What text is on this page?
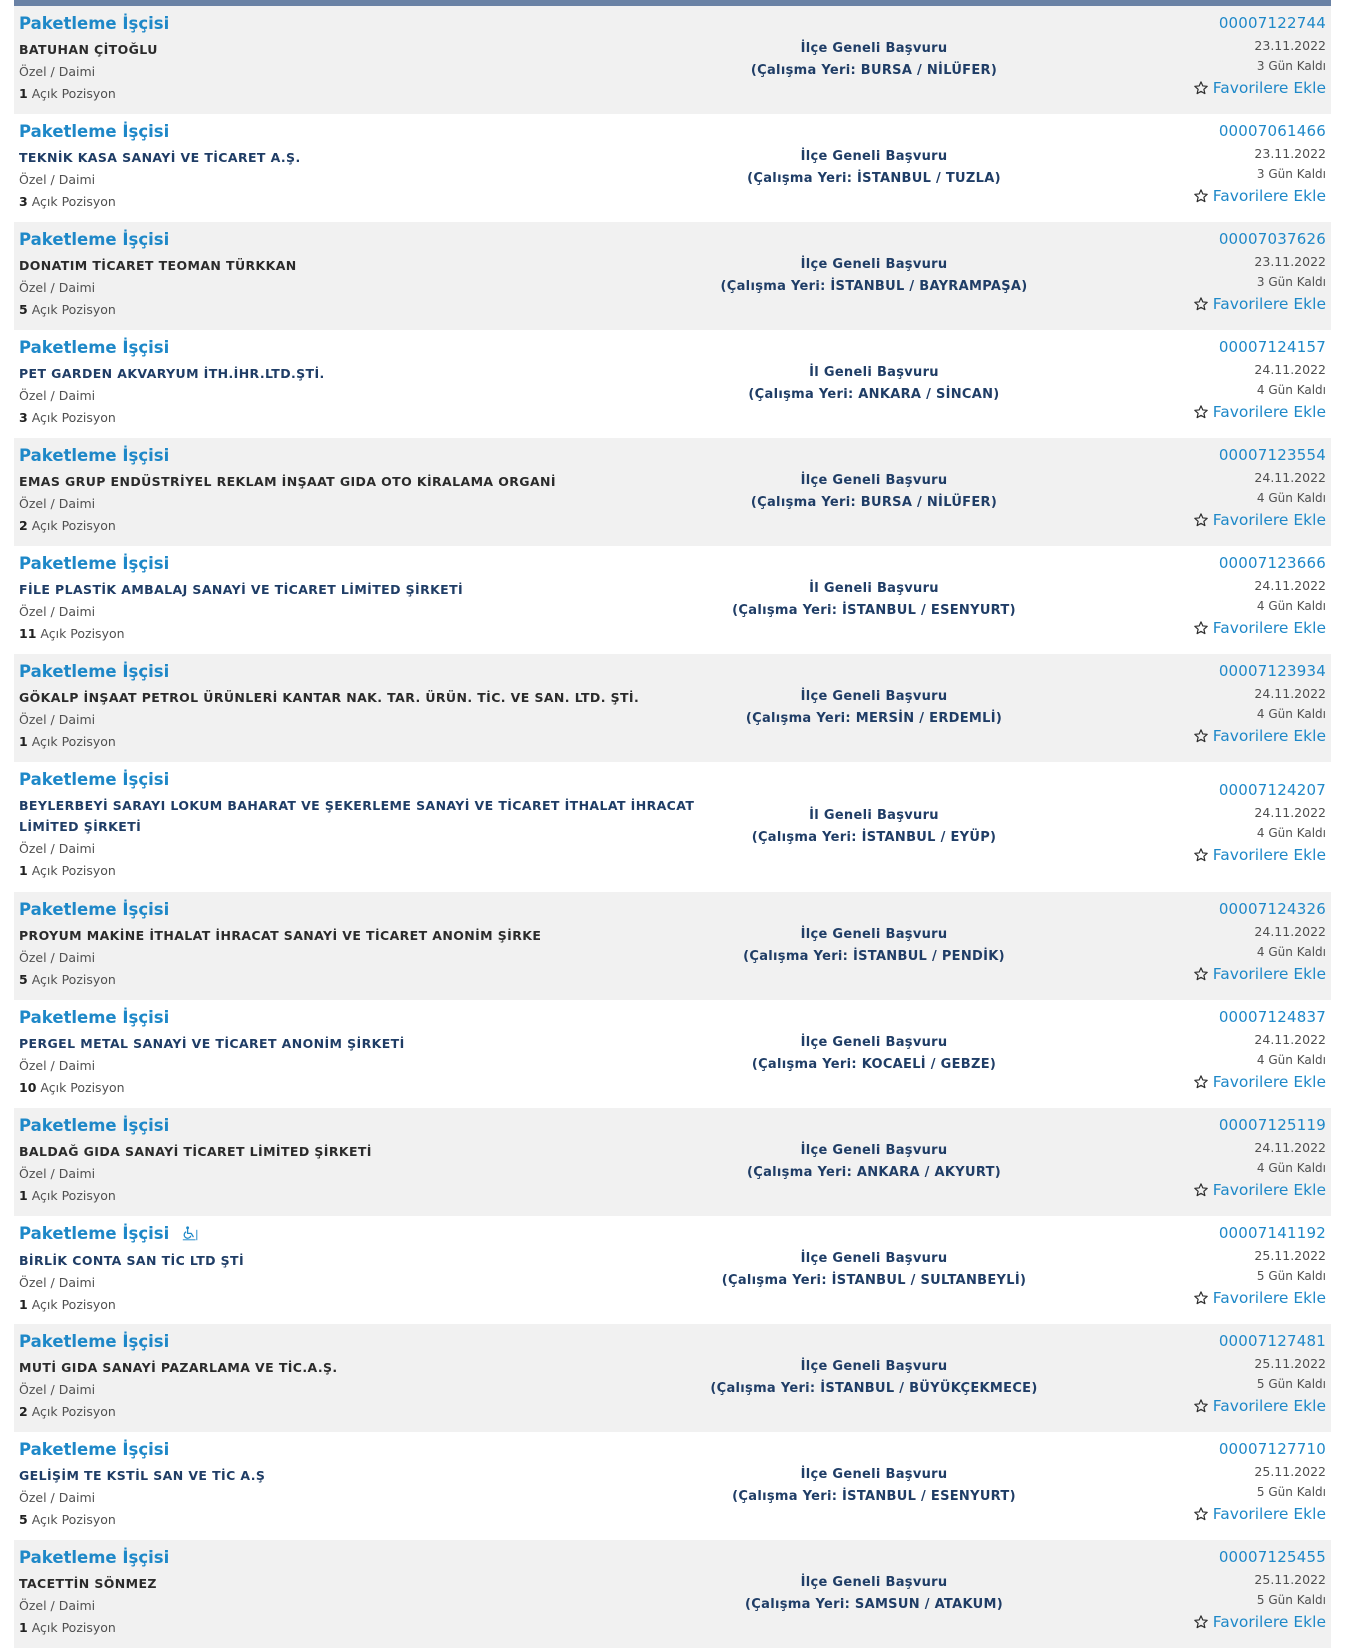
Paketleme İşçisi
BATUHAN ÇİTOĞLU
Özel / Daimi
1 Açık Pozisyon
İlçe Geneli Başvuru
(Çalışma Yeri: BURSA / NİLÜFER)
00007122744
23.11.2022
3 Gün Kaldı
Favorilere Ekle
Paketleme İşçisi
TEKNİK KASA SANAYİ VE TİCARET A.Ş.
Özel / Daimi
3 Açık Pozisyon
İlçe Geneli Başvuru
(Çalışma Yeri: İSTANBUL / TUZLA)
00007061466
23.11.2022
3 Gün Kaldı
Favorilere Ekle
Paketleme İşçisi
DONATIM TİCARET TEOMAN TÜRKKAN
Özel / Daimi
5 Açık Pozisyon
İlçe Geneli Başvuru
(Çalışma Yeri: İSTANBUL / BAYRAMPAŞA)
00007037626
23.11.2022
3 Gün Kaldı
Favorilere Ekle
Paketleme İşçisi
PET GARDEN AKVARYUM İTH.İHR.LTD.ŞTİ.
Özel / Daimi
3 Açık Pozisyon
İl Geneli Başvuru
(Çalışma Yeri: ANKARA / SİNCAN)
00007124157
24.11.2022
4 Gün Kaldı
Favorilere Ekle
Paketleme İşçisi
EMAS GRUP ENDÜSTRİYEL REKLAM İNŞAAT GIDA OTO KİRALAMA ORGANİ
Özel / Daimi
2 Açık Pozisyon
İlçe Geneli Başvuru
(Çalışma Yeri: BURSA / NİLÜFER)
00007123554
24.11.2022
4 Gün Kaldı
Favorilere Ekle
Paketleme İşçisi
FİLE PLASTİK AMBALAJ SANAYİ VE TİCARET LİMİTED ŞİRKETİ
Özel / Daimi
11 Açık Pozisyon
İl Geneli Başvuru
(Çalışma Yeri: İSTANBUL / ESENYURT)
00007123666
24.11.2022
4 Gün Kaldı
Favorilere Ekle
Paketleme İşçisi
GÖKALP İNŞAAT PETROL ÜRÜNLERİ KANTAR NAK. TAR. ÜRÜN. TİC. VE SAN. LTD. ŞTİ.
Özel / Daimi
1 Açık Pozisyon
İlçe Geneli Başvuru
(Çalışma Yeri: MERSİN / ERDEMLİ)
00007123934
24.11.2022
4 Gün Kaldı
Favorilere Ekle
Paketleme İşçisi
BEYLERBEYİ SARAYI LOKUM BAHARAT VE ŞEKERLEME SANAYİ VE TİCARET İTHALAT İHRACAT LİMİTED ŞİRKETİ
Özel / Daimi
1 Açık Pozisyon
İl Geneli Başvuru
(Çalışma Yeri: İSTANBUL / EYÜP)
00007124207
24.11.2022
4 Gün Kaldı
Favorilere Ekle
Paketleme İşçisi
PROYUM MAKİNE İTHALAT İHRACAT SANAYİ VE TİCARET ANONİM ŞİRKE
Özel / Daimi
5 Açık Pozisyon
İlçe Geneli Başvuru
(Çalışma Yeri: İSTANBUL / PENDİK)
00007124326
24.11.2022
4 Gün Kaldı
Favorilere Ekle
Paketleme İşçisi
PERGEL METAL SANAYİ VE TİCARET ANONİM ŞİRKETİ
Özel / Daimi
10 Açık Pozisyon
İlçe Geneli Başvuru
(Çalışma Yeri: KOCAELİ / GEBZE)
00007124837
24.11.2022
4 Gün Kaldı
Favorilere Ekle
Paketleme İşçisi
BALDAĞ GIDA SANAYİ TİCARET LİMİTED ŞİRKETİ
Özel / Daimi
1 Açık Pozisyon
İlçe Geneli Başvuru
(Çalışma Yeri: ANKARA / AKYURT)
00007125119
24.11.2022
4 Gün Kaldı
Favorilere Ekle
Paketleme İşçisi
BİRLİK CONTA SAN TİC LTD ŞTİ
Özel / Daimi
1 Açık Pozisyon
İlçe Geneli Başvuru
(Çalışma Yeri: İSTANBUL / SULTANBEYLİ)
00007141192
25.11.2022
5 Gün Kaldı
Favorilere Ekle
Paketleme İşçisi
MUTİ GIDA SANAYİ PAZARLAMA VE TİC.A.Ş.
Özel / Daimi
2 Açık Pozisyon
İlçe Geneli Başvuru
(Çalışma Yeri: İSTANBUL / BÜYÜKÇEKMECE)
00007127481
25.11.2022
5 Gün Kaldı
Favorilere Ekle
Paketleme İşçisi
GELİŞİM TE KSTİL SAN VE TİC A.Ş
Özel / Daimi
5 Açık Pozisyon
İlçe Geneli Başvuru
(Çalışma Yeri: İSTANBUL / ESENYURT)
00007127710
25.11.2022
5 Gün Kaldı
Favorilere Ekle
Paketleme İşçisi
TACETTİN SÖNMEZ
Özel / Daimi
1 Açık Pozisyon
İlçe Geneli Başvuru
(Çalışma Yeri: SAMSUN / ATAKUM)
00007125455
25.11.2022
5 Gün Kaldı
Favorilere Ekle
